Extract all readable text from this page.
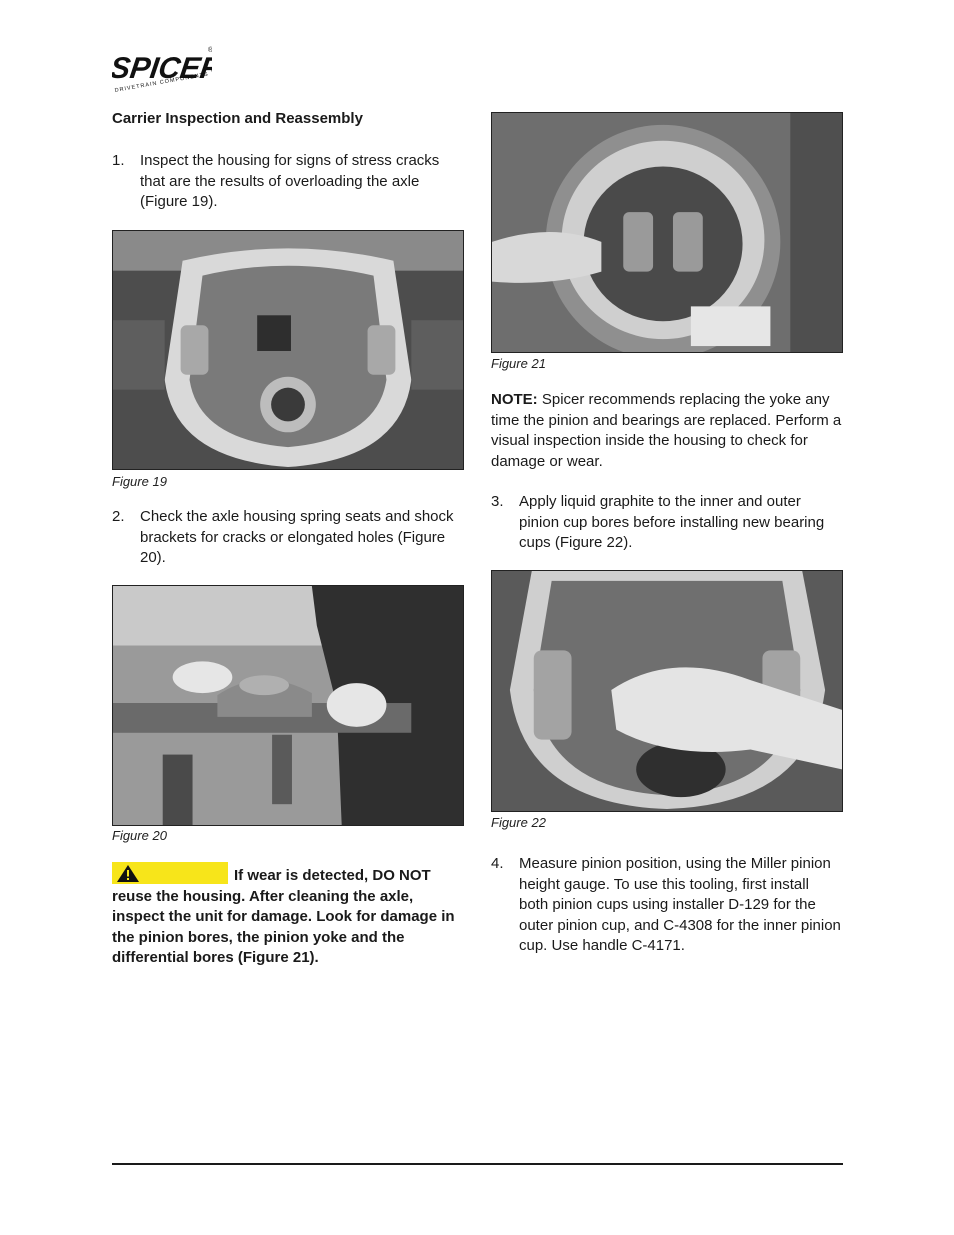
SPICER
®
DRIVETRAIN COMPONENTS
Carrier Inspection and Reassembly
1.	Inspect the housing for signs of stress cracks that are the results of overloading the axle (Figure 19).
Figure 19
2.	Check the axle housing spring seats and shock brackets for cracks or elongated holes (Figure 20).
Figure 20
If wear is detected, DO NOT reuse the housing. After cleaning the axle, inspect the unit for damage. Look for damage in the pinion bores, the pinion yoke and the differential bores (Figure 21).
Figure 21
NOTE: Spicer recommends replacing the yoke any time the pinion and bearings are replaced. Perform a visual inspection inside the housing to check for damage or wear.
3.	Apply liquid graphite to the inner and outer pinion cup bores before installing new bearing cups (Figure 22).
Figure 22
4.	Measure pinion position, using the Miller pinion height gauge. To use this tooling, first install both pinion cups using installer D-129 for the outer pinion cup, and C-4308 for the inner pinion cup. Use handle C-4171.
